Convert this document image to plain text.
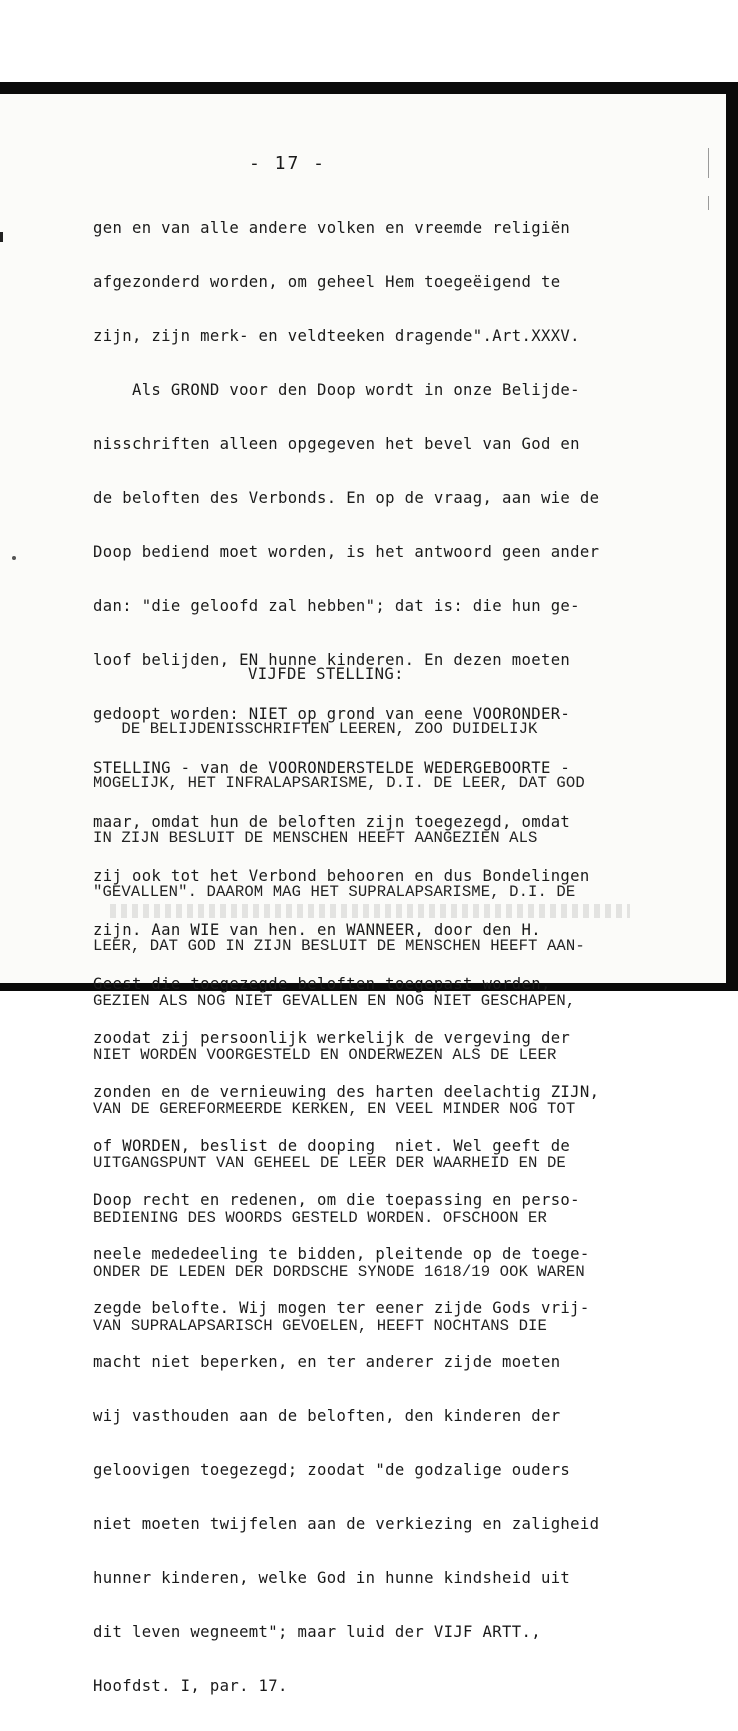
- 17 -

gen en van alle andere volken en vreemde religiën

afgezonderd worden, om geheel Hem toegeëigend te

zijn, zijn merk- en veldteeken dragende".Art.XXXV.

Als GROND voor den Doop wordt in onze Belijde-

nisschriften alleen opgegeven het bevel van God en

de beloften des Verbonds. En op de vraag, aan wie de

Doop bediend moet worden, is het antwoord geen ander

dan: "die geloofd zal hebben"; dat is: die hun ge-

loof belijden, EN hunne kinderen. En dezen moeten

gedoopt worden: NIET op grond van eene VOORONDER-

STELLING - van de VOORONDERSTELDE WEDERGEBOORTE -

maar, omdat hun de beloften zijn toegezegd, omdat

zij ook tot het Verbond behooren en dus Bondelingen

zijn. Aan WIE van hen. en WANNEER, door den H.

Geest die toegezegde beloften toegepast worden,

zoodat zij persoonlijk werkelijk de vergeving der

zonden en de vernieuwing des harten deelachtig ZIJN,

of WORDEN, beslist de dooping  niet. Wel geeft de

Doop recht en redenen, om die toepassing en perso-

neele mededeeling te bidden, pleitende op de toege-

zegde belofte. Wij mogen ter eener zijde Gods vrij-

macht niet beperken, en ter anderer zijde moeten

wij vasthouden aan de beloften, den kinderen der

geloovigen toegezegd; zoodat "de godzalige ouders

niet moeten twijfelen aan de verkiezing en zaligheid

hunner kinderen, welke God in hunne kindsheid uit

dit leven wegneemt"; maar luid der VIJF ARTT.,

Hoofdst. I, par. 17.

VIJFDE STELLING:

DE BELIJDENISSCHRIFTEN LEEREN, ZOO DUIDELIJK

MOGELIJK, HET INFRALAPSARISME, D.I. DE LEER, DAT GOD

IN ZIJN BESLUIT DE MENSCHEN HEEFT AANGEZIEN ALS

"GEVALLEN". DAAROM MAG HET SUPRALAPSARISME, D.I. DE

LEER, DAT GOD IN ZIJN BESLUIT DE MENSCHEN HEEFT AAN-

GEZIEN ALS NOG NIET GEVALLEN EN NOG NIET GESCHAPEN,

NIET WORDEN VOORGESTELD EN ONDERWEZEN ALS DE LEER

VAN DE GEREFORMEERDE KERKEN, EN VEEL MINDER NOG TOT

UITGANGSPUNT VAN GEHEEL DE LEER DER WAARHEID EN DE

BEDIENING DES WOORDS GESTELD WORDEN. OFSCHOON ER

ONDER DE LEDEN DER DORDSCHE SYNODE 1618/19 OOK WAREN

VAN SUPRALAPSARISCH GEVOELEN, HEEFT NOCHTANS DIE
